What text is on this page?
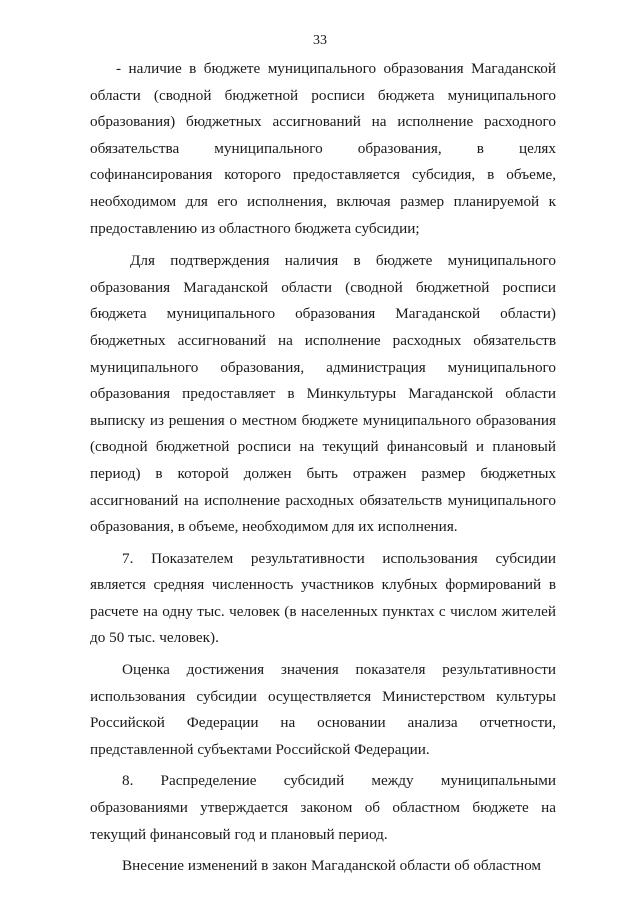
33

- наличие в бюджете муниципального образования Магаданской области (сводной бюджетной росписи бюджета муниципального образования) бюджетных ассигнований на исполнение расходного обязательства муниципального образования, в целях софинансирования которого предоставляется субсидия, в объеме, необходимом для его исполнения, включая размер планируемой к предоставлению из областного бюджета субсидии;

Для подтверждения наличия в бюджете муниципального образования Магаданской области (сводной бюджетной росписи бюджета муниципального образования Магаданской области) бюджетных ассигнований на исполнение расходных обязательств муниципального образования, администрация муниципального образования предоставляет в Минкультуры Магаданской области выписку из решения о местном бюджете муниципального образования (сводной бюджетной росписи на текущий финансовый и плановый период) в которой должен быть отражен размер бюджетных ассигнований на исполнение расходных обязательств муниципального образования, в объеме, необходимом для их исполнения.

7. Показателем результативности использования субсидии является средняя численность участников клубных формирований в расчете на одну тыс. человек (в населенных пунктах с числом жителей до 50 тыс. человек).

Оценка достижения значения показателя результативности использования субсидии осуществляется Министерством культуры Российской Федерации на основании анализа отчетности, представленной субъектами Российской Федерации.

8. Распределение субсидий между муниципальными образованиями утверждается законом об областном бюджете на текущий финансовый год и плановый период.

Внесение изменений в закон Магаданской области об областном
